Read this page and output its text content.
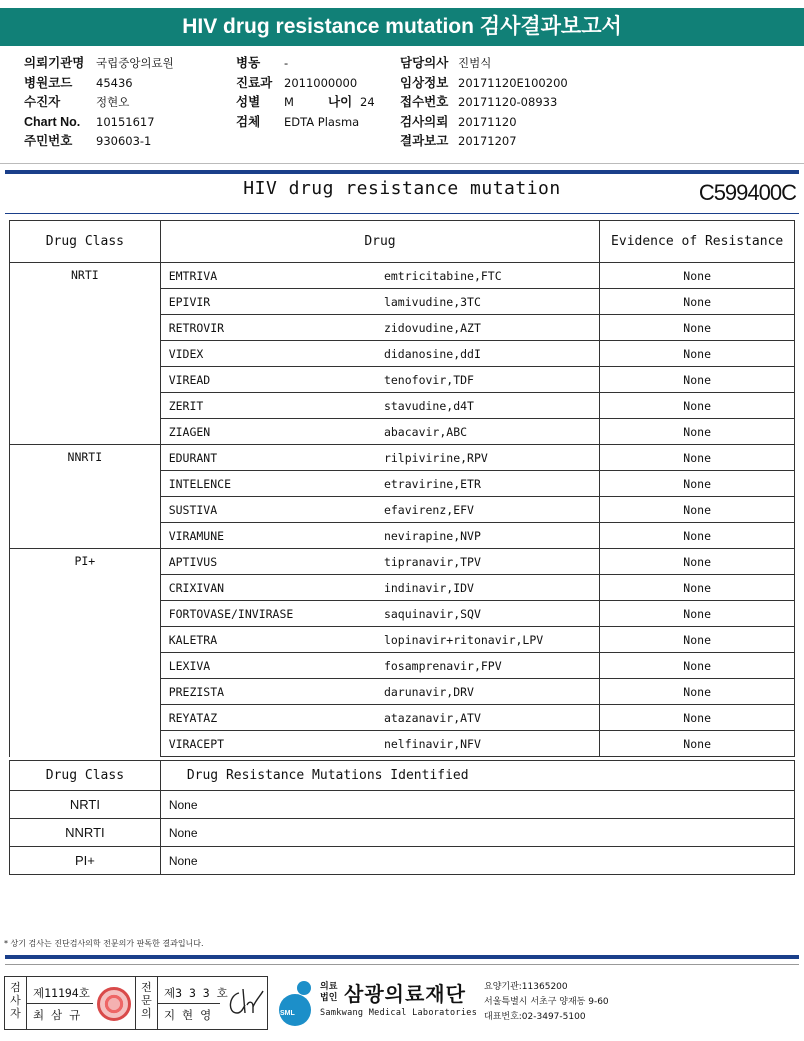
HIV drug resistance mutation 검사결과보고서
의뢰기관명 국립중앙의료원
병원코드 45436
수진자	정현오
Chart No. 10151617
주민번호 930603-1
병동 -
진료과 2011000000
성별 M	나이 24
검체 EDTA Plasma
담당의사 진범식
임상정보 20171120E100200
접수번호 20171120-08933
검사의뢰 20171120
결과보고 20171207
HIV drug resistance mutation	C599400C
Drug Class	Drug		Evidence of Resistance
NRTI	EMTRIVA	emtricitabine,FTC	None
	EPIVIR	lamivudine,3TC	None
	RETROVIR	zidovudine,AZT	None
	VIDEX	didanosine,ddI	None
	VIREAD	tenofovir,TDF	None
	ZERIT	stavudine,d4T	None
	ZIAGEN	abacavir,ABC	None
NNRTI	EDURANT	rilpivirine,RPV	None
	INTELENCE	etravirine,ETR	None
	SUSTIVA	efavirenz,EFV	None
	VIRAMUNE	nevirapine,NVP	None
PI+	APTIVUS	tipranavir,TPV	None
	CRIXIVAN	indinavir,IDV	None
	FORTOVASE/INVIRASE	saquinavir,SQV	None
	KALETRA	lopinavir+ritonavir,LPV	None
	LEXIVA	fosamprenavir,FPV	None
	PREZISTA	darunavir,DRV	None
	REYATAZ	atazanavir,ATV	None
	VIRACEPT	nelfinavir,NFV	None
Drug Class	Drug Resistance Mutations Identified
NRTI	None
NNRTI	None
PI+	None
* 상기 검사는 진단검사의학 전문의가 판독한 결과입니다.
검사자
제11194호
최 삼 규
전문의
제3 3 3 호
지 현 영	SML
의료
법인 삼광의료재단
Samkwang Medical Laboratories
요양기관:11365200
서울특별시 서초구 양재동 9-60
대표번호:02-3497-5100
